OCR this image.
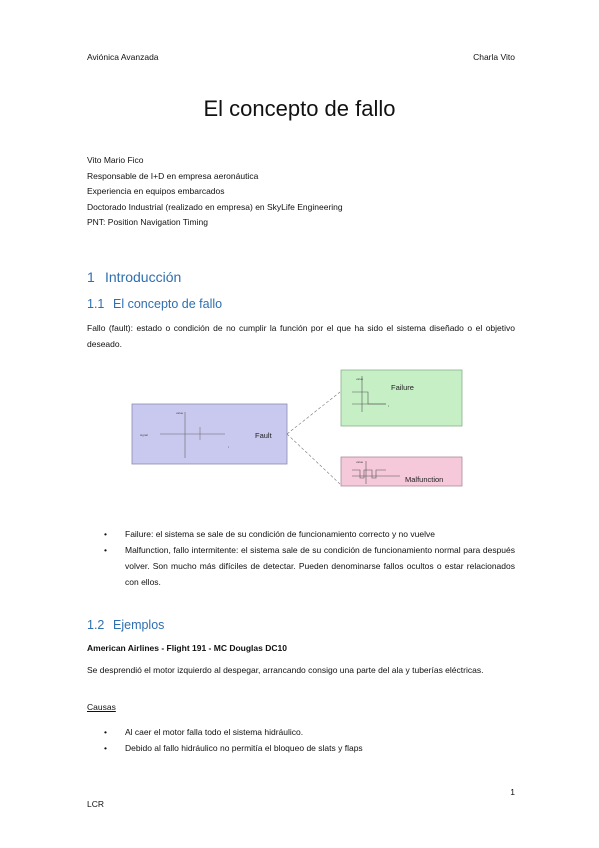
Aviónica Avanzada	Charla Vito
El concepto de fallo
Vito Mario Fico
Responsable de I+D en empresa aeronáutica
Experiencia en equipos embarcados
Doctorado Industrial (realizado en empresa) en SkyLife Engineering
PNT: Position Navigation Timing
1 Introducción
1.1 El concepto de fallo

Fallo (fault): estado o condición de no cumplir la función por el que ha sido el sistema diseñado o el objetivo deseado.

signal
value
t
Fault
value
t
Failure
value
Malfunction
•	Failure: el sistema se sale de su condición de funcionamiento correcto y no vuelve
•	Malfunction, fallo intermitente: el sistema sale de su condición de funcionamiento normal para después volver. Son mucho más difíciles de detectar. Pueden denominarse fallos ocultos o estar relacionados con ellos.
1.2 Ejemplos

American Airlines - Flight 191 - MC Douglas DC10

Se desprendió el motor izquierdo al despegar, arrancando consigo una parte del ala y tuberías eléctricas.

Causas

•	Al caer el motor falla todo el sistema hidráulico.
•	Debido al fallo hidráulico no permitía el bloqueo de slats y flaps
1
LCR
